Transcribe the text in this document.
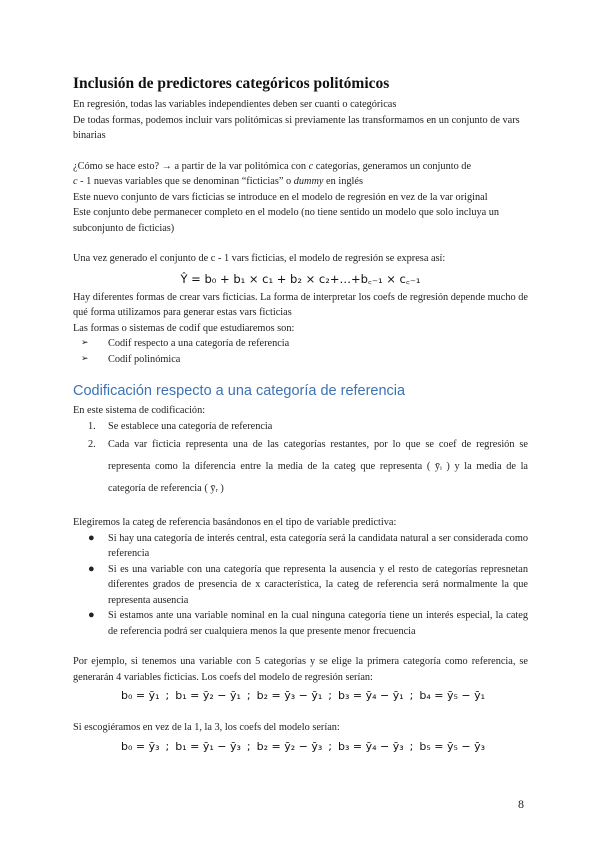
Inclusión de predictores categóricos politómicos

En regresión, todas las variables independientes deben ser cuanti o categóricas

De todas formas, podemos incluir vars politómicas si previamente las transformamos en un conjunto de vars binarias

¿Cómo se hace esto? → a partir de la var politómica con c categorías, generamos un conjunto de

c - 1 nuevas variables que se denominan “ficticias” o dummy en inglés

Este nuevo conjunto de vars ficticias se introduce en el modelo de regresión en vez de la var original

Este conjunto debe permanecer completo en el modelo (no tiene sentido un modelo que solo incluya un subconjunto de ficticias)

Una vez generado el conjunto de c - 1 vars ficticias, el modelo de regresión se expresa así:

Ŷ = b₀ + b₁ × c₁ + b₂ × c₂+…+b꜀₋₁ × c꜀₋₁

Hay diferentes formas de crear vars ficticias. La forma de interpretar los coefs de regresión depende mucho de qué forma utilizamos para generar estas vars ficticias

Las formas o sistemas de codif que estudiaremos son:

➢ Codif respecto a una categoría de referencia
➢ Codif polinómica
Codificación respecto a una categoría de referencia

En este sistema de codificación:

1. Se establece una categoría de referencia
2. Cada var ficticia representa una de las categorías restantes, por lo que se coef de regresión se representa como la diferencia entre la media de la categ que representa ( ȳᵢ ) y la media de la categoría de referencia ( ȳᵣ )

Elegiremos la categ de referencia basándonos en el tipo de variable predictiva:

● Si hay una categoría de interés central, esta categoría será la candidata natural a ser considerada como referencia
● Si es una variable con una categoría que representa la ausencia y el resto de categorías represnetan diferentes grados de presencia de x característica, la categ de referencia será normalmente la que representa ausencia
● Si estamos ante una variable nominal en la cual ninguna categoría tiene un interés especial, la categ de referencia podrá ser cualquiera menos la que presente menor frecuencia

Por ejemplo, si tenemos una variable con 5 categorías y se elige la primera categoría como referencia, se generarán 4 variables ficticias. Los coefs del modelo de regresión serían:

b₀ = ȳ₁ ; b₁ = ȳ₂ − ȳ₁ ; b₂ = ȳ₃ − ȳ₁ ; b₃ = ȳ₄ − ȳ₁ ; b₄ = ȳ₅ − ȳ₁

Si escogiéramos en vez de la 1, la 3, los coefs del modelo serían:

b₀ = ȳ₃ ; b₁ = ȳ₁ − ȳ₃ ; b₂ = ȳ₂ − ȳ₃ ; b₃ = ȳ₄ − ȳ₃ ; b₅ = ȳ₅ − ȳ₃
8
